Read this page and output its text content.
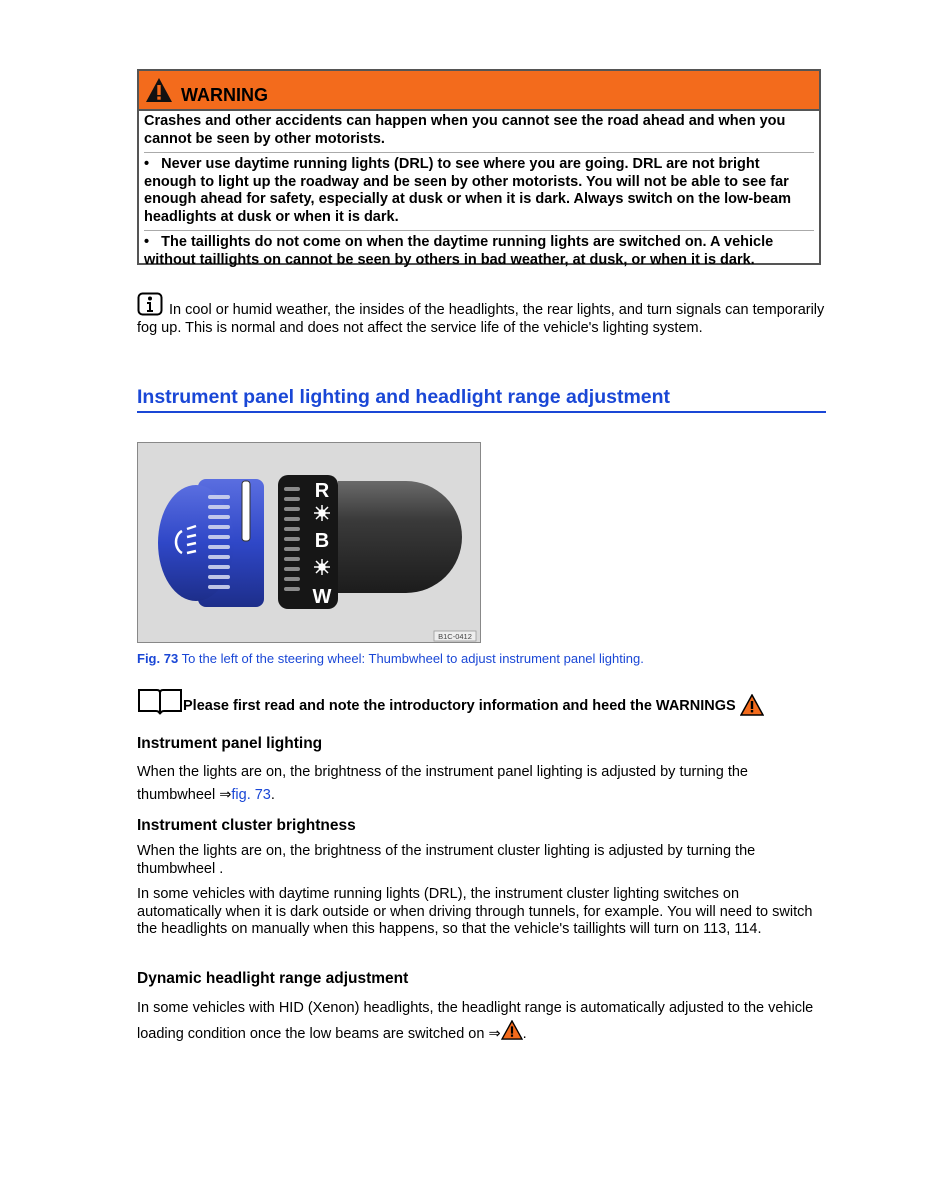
WARNING

Crashes and other accidents can happen when you cannot see the road ahead and when you cannot be seen by other motorists.

•   Never use daytime running lights (DRL) to see where you are going. DRL are not bright enough to light up the roadway and be seen by other motorists. You will not be able to see far enough ahead for safety, especially at dusk or when it is dark. Always switch on the low-beam headlights at dusk or when it is dark.

•   The taillights do not come on when the daytime running lights are switched on. A vehicle without taillights on cannot be seen by others in bad weather, at dusk, or when it is dark.

In cool or humid weather, the insides of the headlights, the rear lights, and turn signals can temporarily fog up. This is normal and does not affect the service life of the vehicle's lighting system.
Instrument panel lighting and headlight range adjustment
R
B
W
B1C-0412
Fig. 73 To the left of the steering wheel: Thumbwheel to adjust instrument panel lighting.
Please first read and note the introductory information and heed the WARNINGS
Instrument panel lighting
When the lights are on, the brightness of the instrument panel lighting is adjusted by turning the thumbwheel ⇒fig. 73.
Instrument cluster brightness
When the lights are on, the brightness of the instrument cluster lighting is adjusted by turning the thumbwheel .
In some vehicles with daytime running lights (DRL), the instrument cluster lighting switches on automatically when it is dark outside or when driving through tunnels, for example. You will need to switch the headlights on manually when this happens, so that the vehicle's taillights will turn on 113, 114.
Dynamic headlight range adjustment
In some vehicles with HID (Xenon) headlights, the headlight range is automatically adjusted to the vehicle loading condition once the low beams are switched on ⇒ .
